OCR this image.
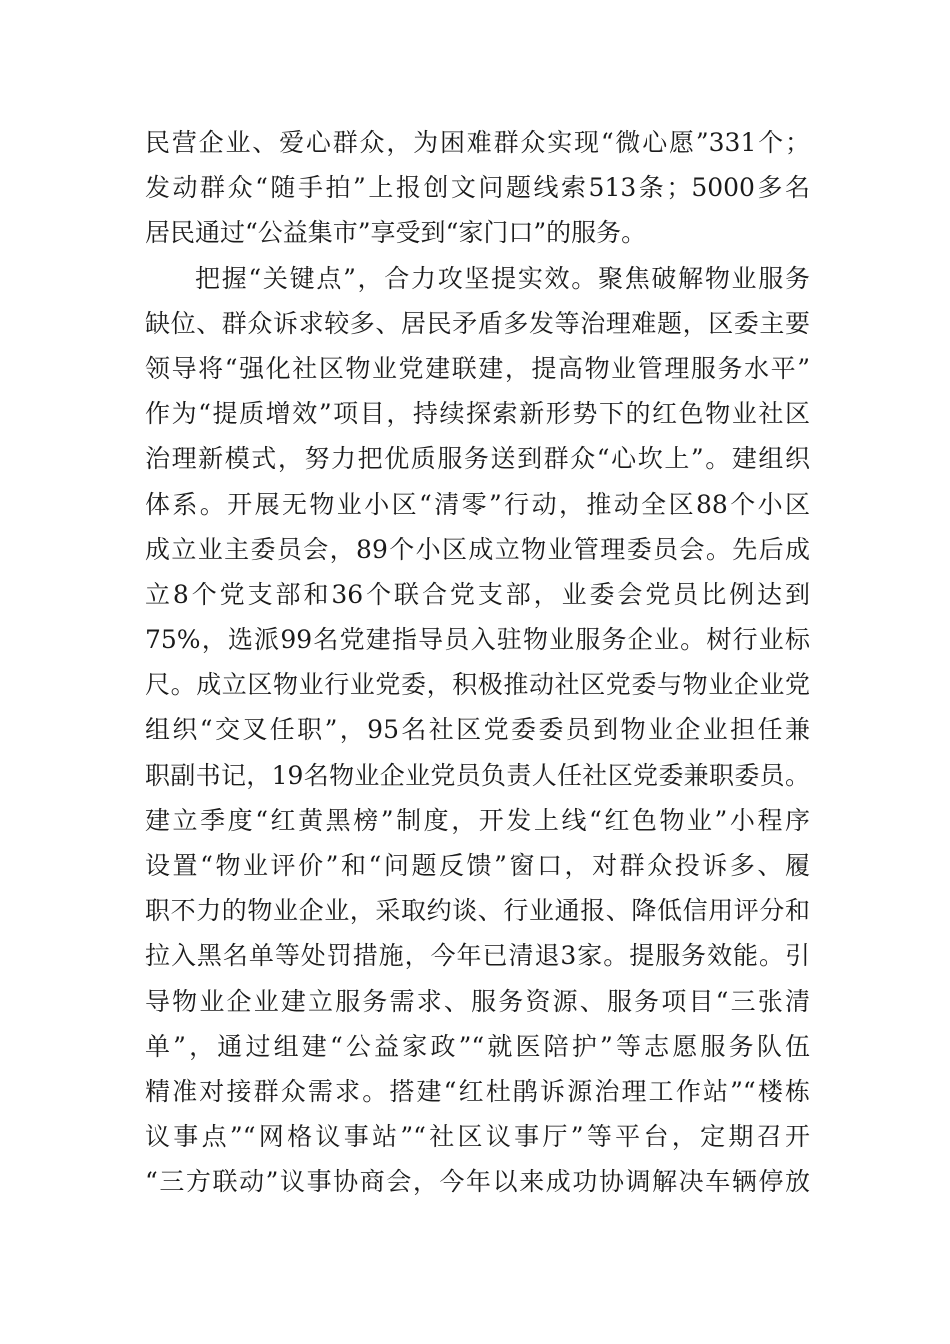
民营企业、爱心群众，为困难群众实现“微心愿”331个；
发动群众“随手拍”上报创文问题线索513条；5000多名
居民通过“公益集市”享受到“家门口”的服务。
把握“关键点”，合力攻坚提实效。聚焦破解物业服务
缺位、群众诉求较多、居民矛盾多发等治理难题，区委主要
领导将“强化社区物业党建联建，提高物业管理服务水平”
作为“提质增效”项目，持续探索新形势下的红色物业社区
治理新模式，努力把优质服务送到群众“心坎上”。建组织
体系。开展无物业小区“清零”行动，推动全区88个小区
成立业主委员会，89个小区成立物业管理委员会。先后成
立8个党支部和36个联合党支部，业委会党员比例达到
75%，选派99名党建指导员入驻物业服务企业。树行业标
尺。成立区物业行业党委，积极推动社区党委与物业企业党
组织“交叉任职”，95名社区党委委员到物业企业担任兼
职副书记，19名物业企业党员负责人任社区党委兼职委员。
建立季度“红黄黑榜”制度，开发上线“红色物业”小程序
设置“物业评价”和“问题反馈”窗口，对群众投诉多、履
职不力的物业企业，采取约谈、行业通报、降低信用评分和
拉入黑名单等处罚措施，今年已清退3家。提服务效能。引
导物业企业建立服务需求、服务资源、服务项目“三张清
单”，通过组建“公益家政”“就医陪护”等志愿服务队伍
精准对接群众需求。搭建“红杜鹃诉源治理工作站”“楼栋
议事点”“网格议事站”“社区议事厅”等平台，定期召开
“三方联动”议事协商会，今年以来成功协调解决车辆停放
